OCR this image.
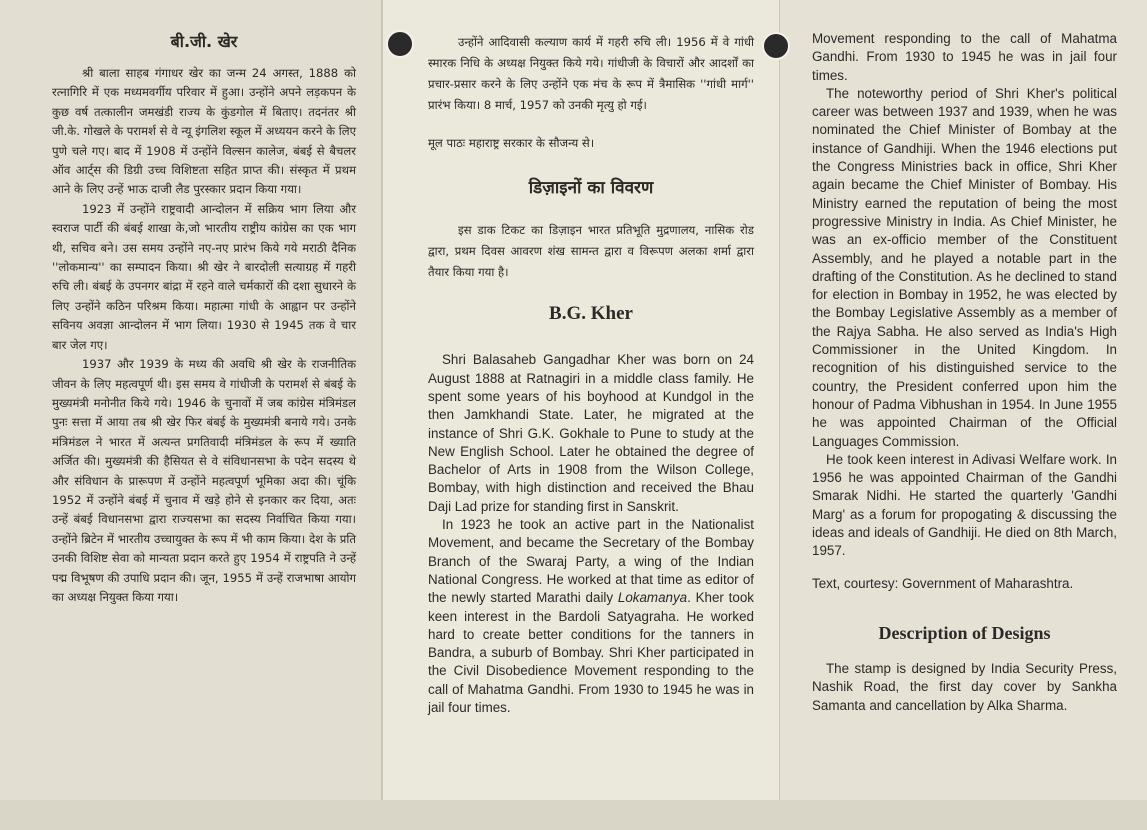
बी.जी. खेर

श्री बाला साहब गंगाधर खेर का जन्म 24 अगस्त, 1888 को रत्नागिरि में एक मध्यमवर्गीय परिवार में हुआ। उन्होंने अपने लड़कपन के कुछ वर्ष तत्कालीन जमखंडी राज्य के कुंडगोल में बिताए। तदनंतर श्री जी.के. गोखले के परामर्श से वे न्यू इंगलिश स्कूल में अध्ययन करने के लिए पुणे चले गए। बाद में 1908 में उन्होंने विल्सन कालेज, बंबई से बैचलर ऑव आर्ट्स की डिग्री उच्च विशिष्टता सहित प्राप्त की। संस्कृत में प्रथम आने के लिए उन्हें भाऊ दाजी लैड पुरस्कार प्रदान किया गया।

1923 में उन्होंने राष्ट्रवादी आन्दोलन में सक्रिय भाग लिया और स्वराज पार्टी की बंबई शाखा के,जो भारतीय राष्ट्रीय कांग्रेस का एक भाग थी, सचिव बने। उस समय उन्होंने नए-नए प्रारंभ किये गये मराठी दैनिक ''लोकमान्य'' का सम्पादन किया। श्री खेर ने बारदोली सत्याग्रह में गहरी रुचि ली। बंबई के उपनगर बांद्रा में रहने वाले चर्मकारों की दशा सुधारने के लिए उन्होंने कठिन परिश्रम किया। महात्मा गांधी के आह्वान पर उन्होंने सविनय अवज्ञा आन्दोलन में भाग लिया। 1930 से 1945 तक वे चार बार जेल गए।

1937 और 1939 के मध्य की अवधि श्री खेर के राजनीतिक जीवन के लिए महत्वपूर्ण थी। इस समय वे गांधीजी के परामर्श से बंबई के मुख्यमंत्री मनोनीत किये गये। 1946 के चुनावों में जब कांग्रेस मंत्रिमंडल पुनः सत्ता में आया तब श्री खेर फिर बंबई के मुख्यमंत्री बनाये गये। उनके मंत्रिमंडल ने भारत में अत्यन्त प्रगतिवादी मंत्रिमंडल के रूप में ख्याति अर्जित की। मुख्यमंत्री की हैसियत से वे संविधानसभा के पदेन सदस्य थे और संविधान के प्रारूपण में उन्होंने महत्वपूर्ण भूमिका अदा की। चूंकि 1952 में उन्होंने बंबई में चुनाव में खड़े होने से इनकार कर दिया, अतः उन्हें बंबई विधानसभा द्वारा राज्यसभा का सदस्य निर्वाचित किया गया। उन्होंने ब्रिटेन में भारतीय उच्चायुक्त के रूप में भी काम किया। देश के प्रति उनकी विशिष्ट सेवा को मान्यता प्रदान करते हुए 1954 में राष्ट्रपति ने उन्हें पद्म विभूषण की उपाधि प्रदान की। जून, 1955 में उन्हें राजभाषा आयोग का अध्यक्ष नियुक्त किया गया।

उन्होंने आदिवासी कल्याण कार्य में गहरी रुचि ली। 1956 में वे गांधी स्मारक निधि के अध्यक्ष नियुक्त किये गये। गांधीजी के विचारों और आदर्शों का प्रचार-प्रसार करने के लिए उन्होंने एक मंच के रूप में त्रैमासिक ''गांधी मार्ग'' प्रारंभ किया। 8 मार्च, 1957 को उनकी मृत्यु हो गई।

मूल पाठः महाराष्ट्र सरकार के सौजन्य से।

डिज़ाइनों का विवरण

इस डाक टिकट का डिज़ाइन भारत प्रतिभूति मुद्रणालय, नासिक रोड द्वारा, प्रथम दिवस आवरण शंख सामन्त द्वारा व विरूपण अलका शर्मा द्वारा तैयार किया गया है।

B.G. Kher

Shri Balasaheb Gangadhar Kher was born on 24 August 1888 at Ratnagiri in a middle class family. He spent some years of his boyhood at Kundgol in the then Jamkhandi State. Later, he migrated at the instance of Shri G.K. Gokhale to Pune to study at the New English School. Later he obtained the degree of Bachelor of Arts in 1908 from the Wilson College, Bombay, with high distinction and received the Bhau Daji Lad prize for standing first in Sanskrit.

In 1923 he took an active part in the Nationalist Movement, and became the Secretary of the Bombay Branch of the Swaraj Party, a wing of the Indian National Congress. He worked at that time as editor of the newly started Marathi daily Lokamanya. Kher took keen interest in the Bardoli Satyagraha. He worked hard to create better conditions for the tanners in Bandra, a suburb of Bombay. Shri Kher participated in the Civil Disobedience Movement responding to the call of Mahatma Gandhi. From 1930 to 1945 he was in jail four times.

Movement responding to the call of Mahatma Gandhi. From 1930 to 1945 he was in jail four times.

The noteworthy period of Shri Kher's political career was between 1937 and 1939, when he was nominated the Chief Minister of Bombay at the instance of Gandhiji. When the 1946 elections put the Congress Ministries back in office, Shri Kher again became the Chief Minister of Bombay. His Ministry earned the reputation of being the most progressive Ministry in India. As Chief Minister, he was an ex-officio member of the Constituent Assembly, and he played a notable part in the drafting of the Constitution. As he declined to stand for election in Bombay in 1952, he was elected by the Bombay Legislative Assembly as a member of the Rajya Sabha. He also served as India's High Commissioner in the United Kingdom. In recognition of his distinguished service to the country, the President conferred upon him the honour of Padma Vibhushan in 1954. In June 1955 he was appointed Chairman of the Official Languages Commission.

He took keen interest in Adivasi Welfare work. In 1956 he was appointed Chairman of the Gandhi Smarak Nidhi. He started the quarterly 'Gandhi Marg' as a forum for propogating & discussing the ideas and ideals of Gandhiji. He died on 8th March, 1957.

Text, courtesy: Government of Maharashtra.

Description of Designs

The stamp is designed by India Security Press, Nashik Road, the first day cover by Sankha Samanta and cancellation by Alka Sharma.
